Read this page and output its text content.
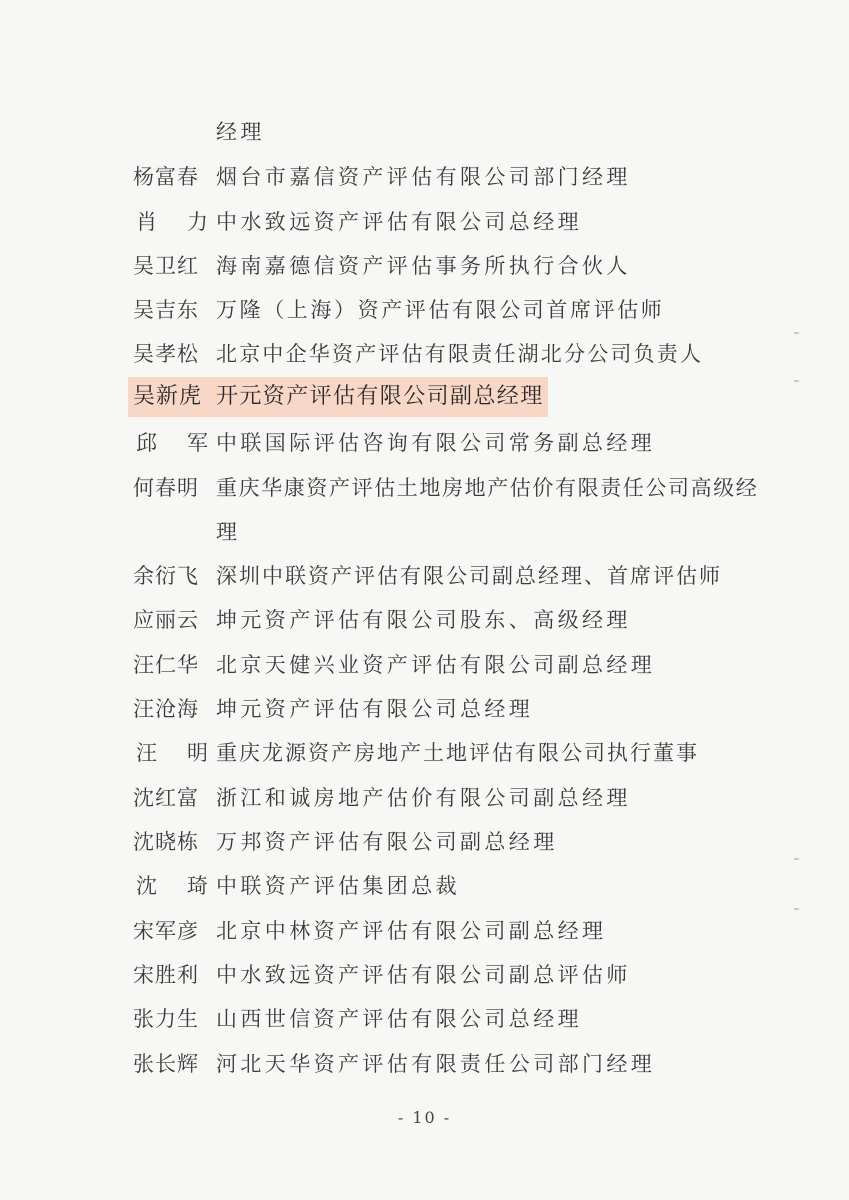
经理
杨富春 烟台市嘉信资产评估有限公司部门经理
肖力
中水致远资产评估有限公司总经理
吴卫红 海南嘉德信资产评估事务所执行合伙人
吴吉东 万隆（上海）资产评估有限公司首席评估师
吴孝松 北京中企华资产评估有限责任湖北分公司负责人
吴新虎 开元资产评估有限公司副总经理
邱军
中联国际评估咨询有限公司常务副总经理
何春明 重庆华康资产评估土地房地产估价有限责任公司高级经
理
余衍飞 深圳中联资产评估有限公司副总经理、首席评估师
应丽云 坤元资产评估有限公司股东、高级经理
汪仁华 北京天健兴业资产评估有限公司副总经理
汪沧海 坤元资产评估有限公司总经理
汪明
重庆龙源资产房地产土地评估有限公司执行董事
沈红富 浙江和诚房地产估价有限公司副总经理
沈晓栋 万邦资产评估有限公司副总经理
沈琦
中联资产评估集团总裁
宋军彦 北京中林资产评估有限公司副总经理
宋胜利 中水致远资产评估有限公司副总评估师
张力生 山西世信资产评估有限公司总经理
张长辉 河北天华资产评估有限责任公司部门经理
- 10 -
